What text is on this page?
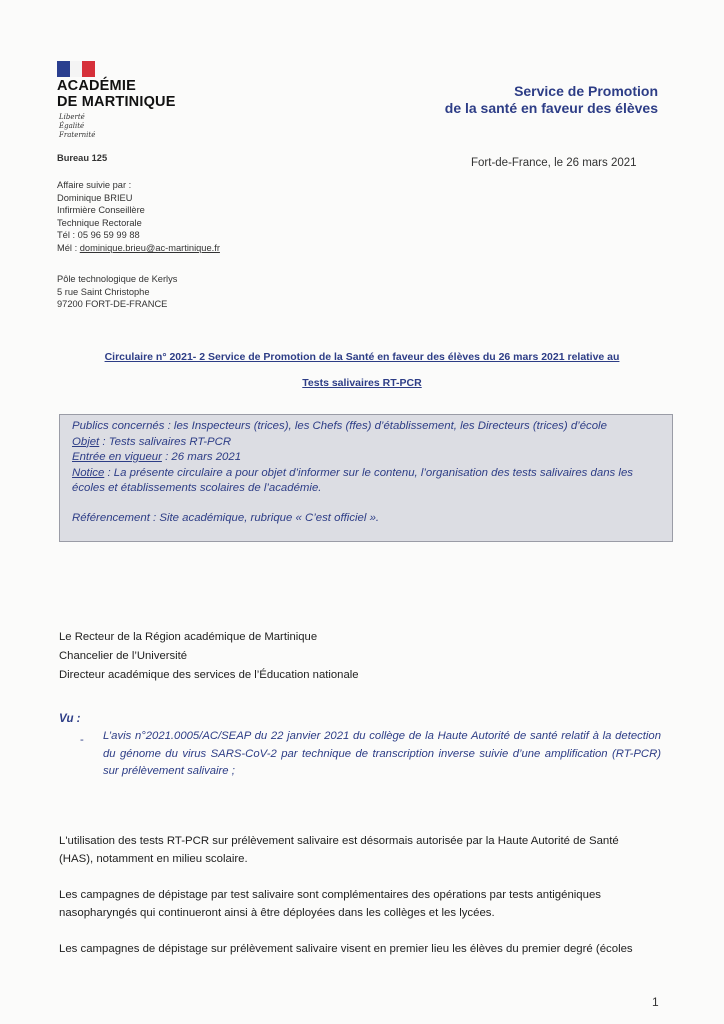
ACADÉMIE
DE MARTINIQUE
Liberté
Égalité
Fraternité
Service de Promotion
de la santé en faveur des élèves
Bureau 125
Affaire suivie par :
Dominique BRIEU
Infirmière Conseillère
Technique Rectorale
Tél : 05 96 59 99 88
Mél : dominique.brieu@ac-martinique.fr
Pôle technologique de Kerlys
5 rue Saint Christophe
97200 FORT-DE-FRANCE
Fort-de-France, le 26 mars 2021
Circulaire n° 2021- 2 Service de Promotion de la Santé en faveur des élèves du 26 mars 2021 relative au
Tests salivaires RT-PCR
Publics concernés : les Inspecteurs (trices), les Chefs (ffes) d’établissement, les Directeurs (trices) d’école
Objet : Tests salivaires RT-PCR
Entrée en vigueur : 26 mars 2021
Notice : La présente circulaire a pour objet d’informer sur le contenu, l’organisation des tests salivaires dans les
écoles et établissements scolaires de l’académie.
Référencement : Site académique, rubrique « C’est officiel ».
Le Recteur de la Région académique de Martinique
Chancelier de l’Université
Directeur académique des services de l’Éducation nationale
Vu :
- L’avis n°2021.0005/AC/SEAP du 22 janvier 2021 du collège de la Haute Autorité de santé relatif à la detection du génome du virus SARS-CoV-2 par technique de transcription inverse suivie d’une amplification (RT-PCR) sur prélèvement salivaire ;
L'utilisation des tests RT-PCR sur prélèvement salivaire est désormais autorisée par la Haute Autorité de Santé
(HAS), notamment en milieu scolaire.
Les campagnes de dépistage par test salivaire sont complémentaires des opérations par tests antigéniques
nasopharyngés qui continueront ainsi à être déployées dans les collèges et les lycées.
Les campagnes de dépistage sur prélèvement salivaire visent en premier lieu les élèves du premier degré (écoles
1
